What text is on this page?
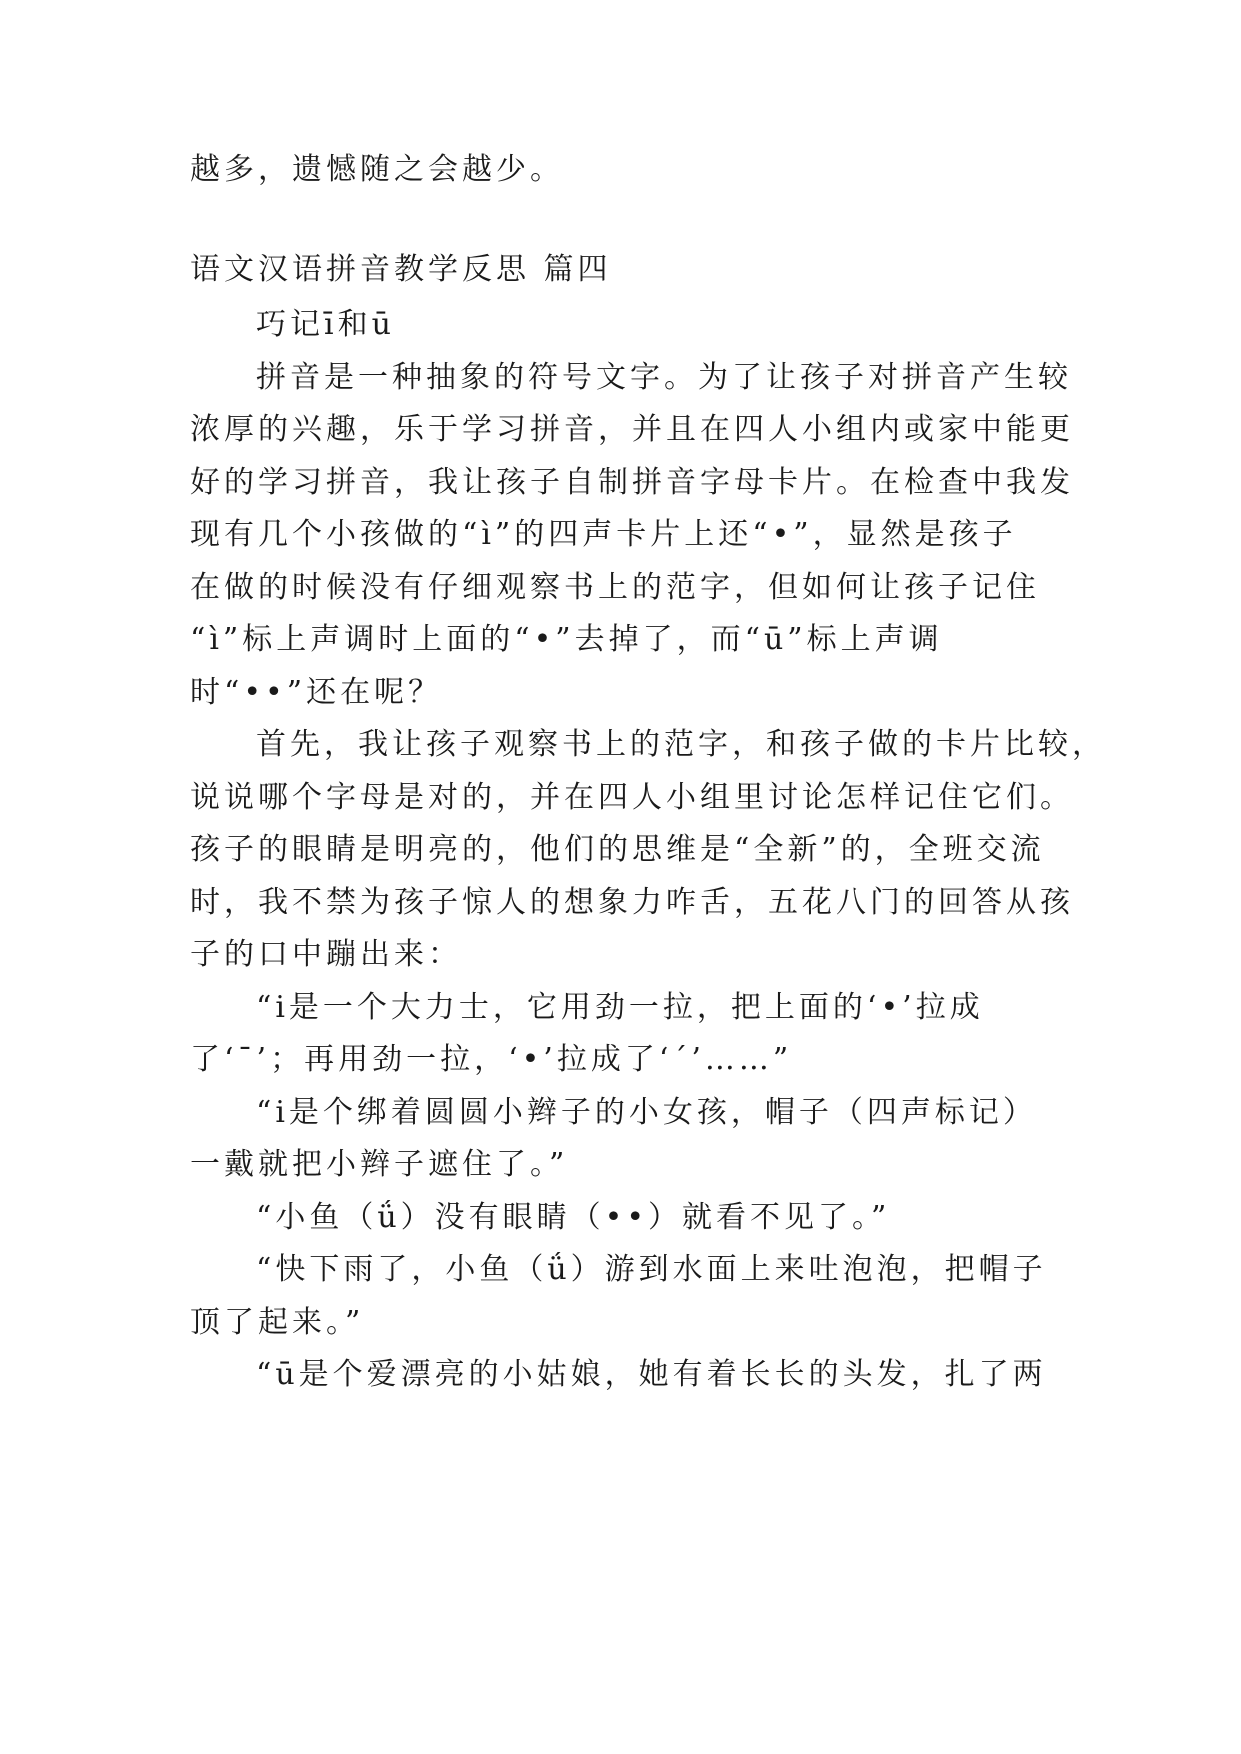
越多，遗憾随之会越少。
语文汉语拼音教学反思 篇四
巧记ī和ū
拼音是一种抽象的符号文字。为了让孩子对拼音产生较
浓厚的兴趣，乐于学习拼音，并且在四人小组内或家中能更
好的学习拼音，我让孩子自制拼音字母卡片。在检查中我发
现有几个小孩做的“ì”的四声卡片上还“•”，显然是孩子
在做的时候没有仔细观察书上的范字，但如何让孩子记住
“ì”标上声调时上面的“•”去掉了，而“ū”标上声调
时“••”还在呢？
首先，我让孩子观察书上的范字，和孩子做的卡片比较，
说说哪个字母是对的，并在四人小组里讨论怎样记住它们。
孩子的眼睛是明亮的，他们的思维是“全新”的，全班交流
时，我不禁为孩子惊人的想象力咋舌，五花八门的回答从孩
子的口中蹦出来：
“i是一个大力士，它用劲一拉，把上面的‘•’拉成
了‘ˉ’；再用劲一拉，‘•’拉成了‘ˊ’……”
“i是个绑着圆圆小辫子的小女孩，帽子（四声标记）
一戴就把小辫子遮住了。”
“小鱼（ǘ）没有眼睛（••）就看不见了。”
“快下雨了，小鱼（ǘ）游到水面上来吐泡泡，把帽子
顶了起来。”
“ū是个爱漂亮的小姑娘，她有着长长的头发，扎了两
